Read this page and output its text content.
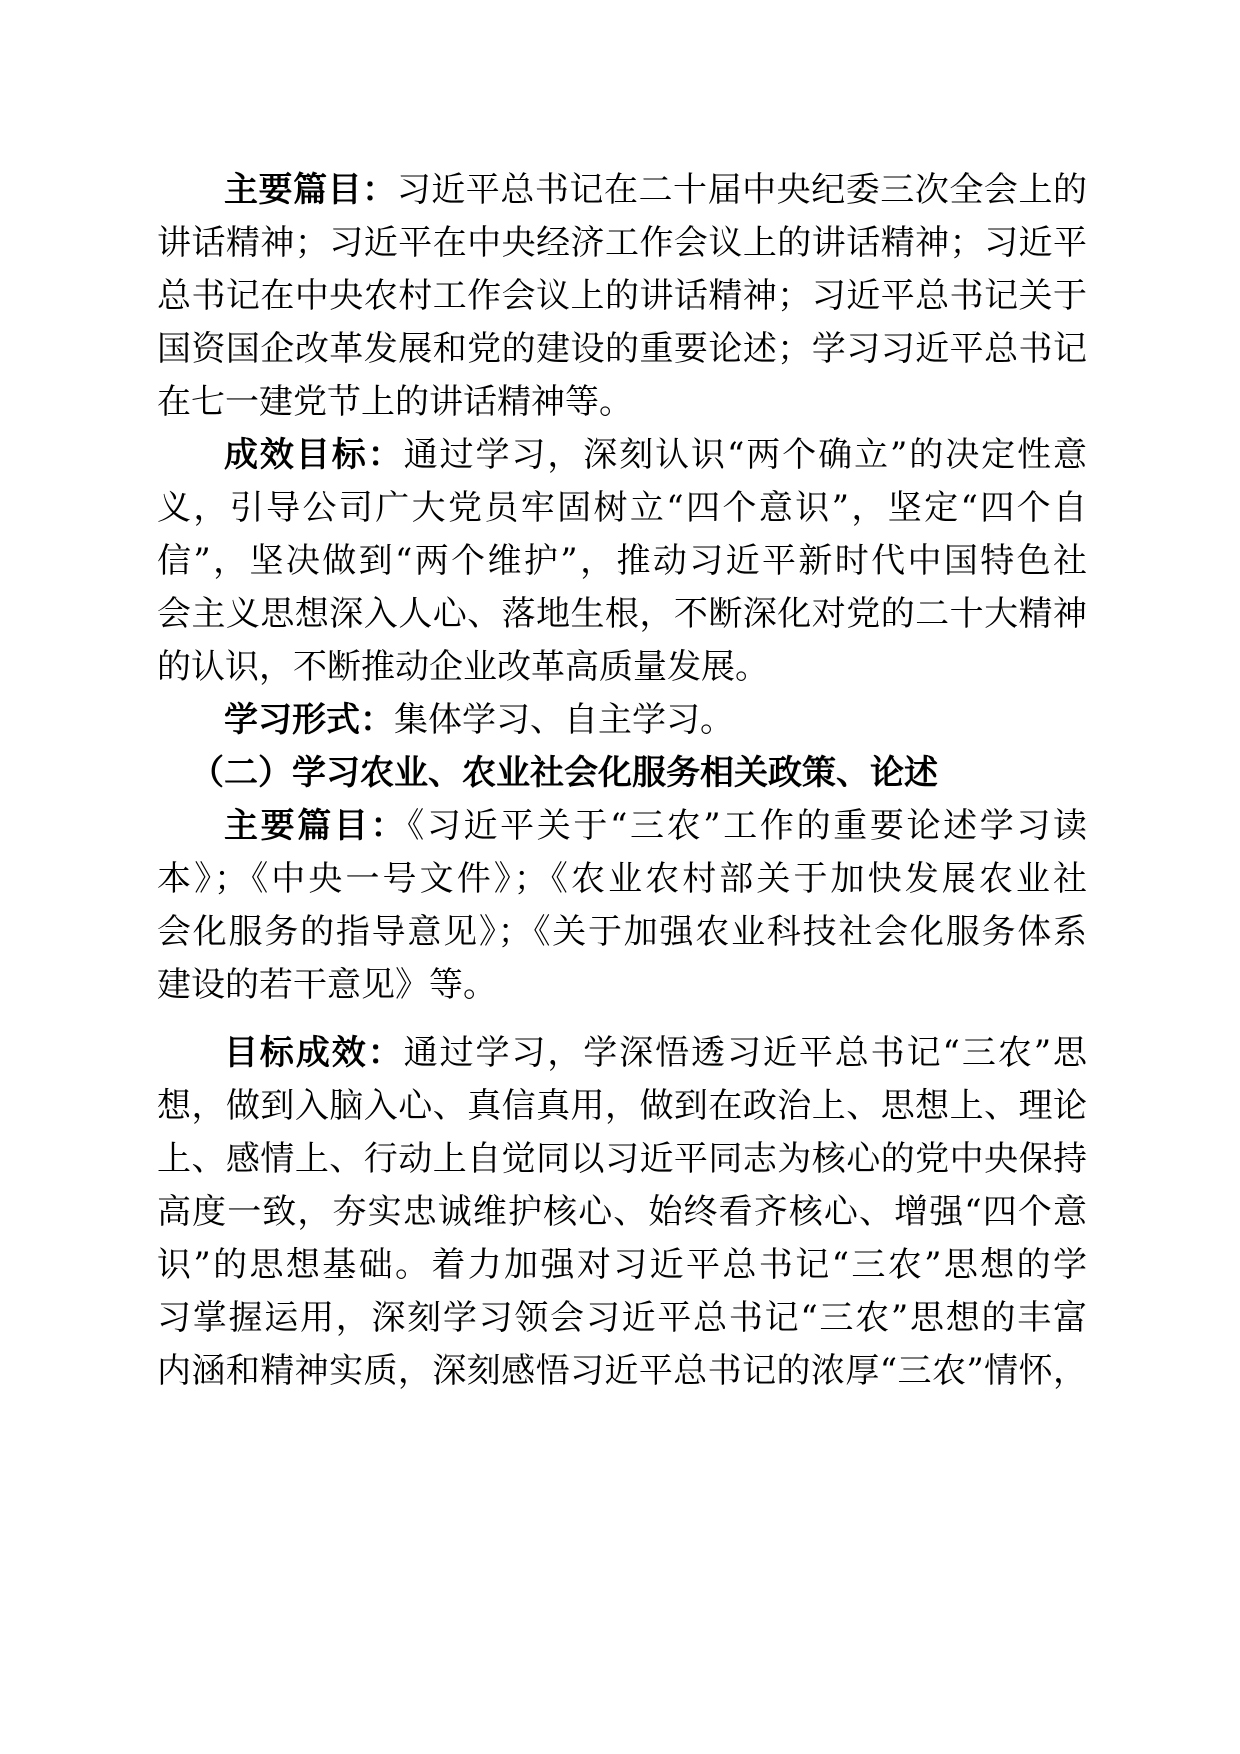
主要篇目：习近平总书记在二十届中央纪委三次全会上的
讲话精神；习近平在中央经济工作会议上的讲话精神；习近平
总书记在中央农村工作会议上的讲话精神；习近平总书记关于
国资国企改革发展和党的建设的重要论述；学习习近平总书记
在七一建党节上的讲话精神等。
成效目标：通过学习，深刻认识“两个确立”的决定性意
义，引导公司广大党员牢固树立“四个意识”，坚定“四个自
信”，坚决做到“两个维护”，推动习近平新时代中国特色社
会主义思想深入人心、落地生根，不断深化对党的二十大精神
的认识，不断推动企业改革高质量发展。
学习形式：集体学习、自主学习。
（二）学习农业、农业社会化服务相关政策、论述
主要篇目：《习近平关于“三农”工作的重要论述学习读
本》；《中央一号文件》；《农业农村部关于加快发展农业社
会化服务的指导意见》；《关于加强农业科技社会化服务体系
建设的若干意见》等。
目标成效：通过学习，学深悟透习近平总书记“三农”思
想，做到入脑入心、真信真用，做到在政治上、思想上、理论
上、感情上、行动上自觉同以习近平同志为核心的党中央保持
高度一致，夯实忠诚维护核心、始终看齐核心、增强“四个意
识”的思想基础。着力加强对习近平总书记“三农”思想的学
习掌握运用，深刻学习领会习近平总书记“三农”思想的丰富
内涵和精神实质，深刻感悟习近平总书记的浓厚“三农”情怀，
